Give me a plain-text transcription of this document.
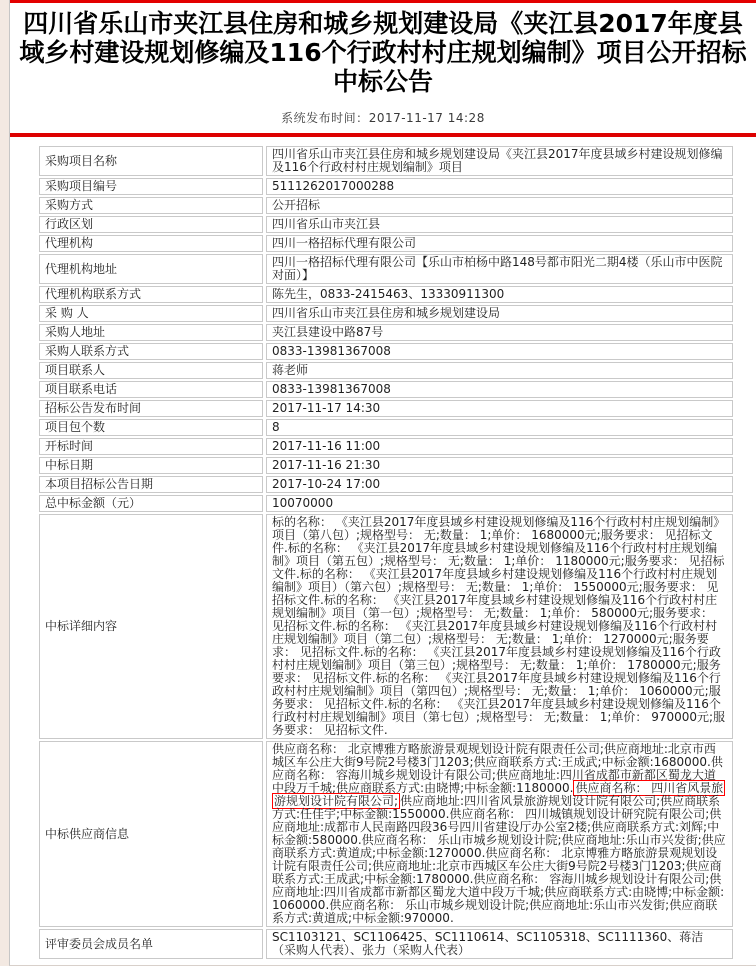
四川省乐山市夹江县住房和城乡规划建设局《夹江县2017年度县域乡村建设规划修编及116个行政村村庄规划编制》项目公开招标中标公告
系统发布时间：2017-11-17 14:28
采购项目名称	四川省乐山市夹江县住房和城乡规划建设局《夹江县2017年度县域乡村建设规划修编及116个行政村村庄规划编制》项目
采购项目编号	5111262017000288
采购方式	公开招标
行政区划	四川省乐山市夹江县
代理机构	四川一格招标代理有限公司
代理机构地址	四川一格招标代理有限公司【乐山市柏杨中路148号都市阳光二期4楼（乐山市中医院对面）】
代理机构联系方式	陈先生，0833-2415463、13330911300
采 购 人	四川省乐山市夹江县住房和城乡规划建设局
采购人地址	夹江县建设中路87号
采购人联系方式	0833-13981367008
项目联系人	蒋老师
项目联系电话	0833-13981367008
招标公告发布时间	2017-11-17 14:30
项目包个数	8
开标时间	2017-11-16 11:00
中标日期	2017-11-16 21:30
本项目招标公告日期	2017-10-24 17:00
总中标金额（元）	10070000
中标详细内容	标的名称： 《夹江县2017年度县域乡村建设规划修编及116个行政村村庄规划编制》项目（第八包）;规格型号： 无;数量： 1;单价： 1680000元;服务要求： 见招标文件.标的名称： 《夹江县2017年度县域乡村建设规划修编及116个行政村村庄规划编制》项目（第五包）;规格型号： 无;数量： 1;单价： 1180000元;服务要求： 见招标文件.标的名称： 《夹江县2017年度县域乡村建设规划修编及116个行政村村庄规划编制》项目）（第六包）;规格型号： 无;数量： 1;单价： 1550000元;服务要求： 见招标文件.标的名称： 《夹江县2017年度县域乡村建设规划修编及116个行政村村庄规划编制》项目（第一包）;规格型号： 无;数量： 1;单价： 580000元;服务要求： 见招标文件.标的名称： 《夹江县2017年度县域乡村建设规划修编及116个行政村村庄规划编制》项目（第二包）;规格型号： 无;数量： 1;单价： 1270000元;服务要求： 见招标文件.标的名称： 《夹江县2017年度县域乡村建设规划修编及116个行政村村庄规划编制》项目（第三包）;规格型号： 无;数量： 1;单价： 1780000元;服务要求： 见招标文件.标的名称： 《夹江县2017年度县域乡村建设规划修编及116个行政村村庄规划编制》项目（第四包）;规格型号： 无;数量： 1;单价： 1060000元;服务要求： 见招标文件.标的名称： 《夹江县2017年度县域乡村建设规划修编及116个行政村村庄规划编制》项目（第七包）;规格型号： 无;数量： 1;单价： 970000元;服务要求： 见招标文件.
中标供应商信息	供应商名称： 北京博雅方略旅游景观规划设计院有限责任公司;供应商地址:北京市西城区车公庄大街9号院2号楼3门1203;供应商联系方式:王成武;中标金额:1680000.供应商名称： 容海川城乡规划设计有限公司;供应商地址:四川省成都市新都区蜀龙大道中段万千城;供应商联系方式:由晓博;中标金额:1180000. 供应商名称： 四川省风景旅游规划设计院有限公司; 供应商地址:四川省风景旅游规划设计院有限公司;供应商联系方式:任佳宇;中标金额:1550000.供应商名称： 四川城镇规划设计研究院有限公司;供应商地址:成都市人民南路四段36号四川省建设厅办公室2楼;供应商联系方式:刘辉;中标金额:580000.供应商名称： 乐山市城乡规划设计院;供应商地址:乐山市兴发街;供应商联系方式:黄道成;中标金额:1270000.供应商名称： 北京博雅方略旅游景观规划设计院有限责任公司;供应商地址:北京市西城区车公庄大街9号院2号楼3门1203;供应商联系方式:王成武;中标金额:1780000.供应商名称： 容海川城乡规划设计有限公司;供应商地址:四川省成都市新都区蜀龙大道中段万千城;供应商联系方式:由晓博;中标金额:1060000.供应商名称： 乐山市城乡规划设计院;供应商地址:乐山市兴发街;供应商联系方式:黄道成;中标金额:970000.
评审委员会成员名单	SC1103121、SC1106425、SC1110614、SC1105318、SC1111360、蒋洁（采购人代表）、张力（采购人代表）
